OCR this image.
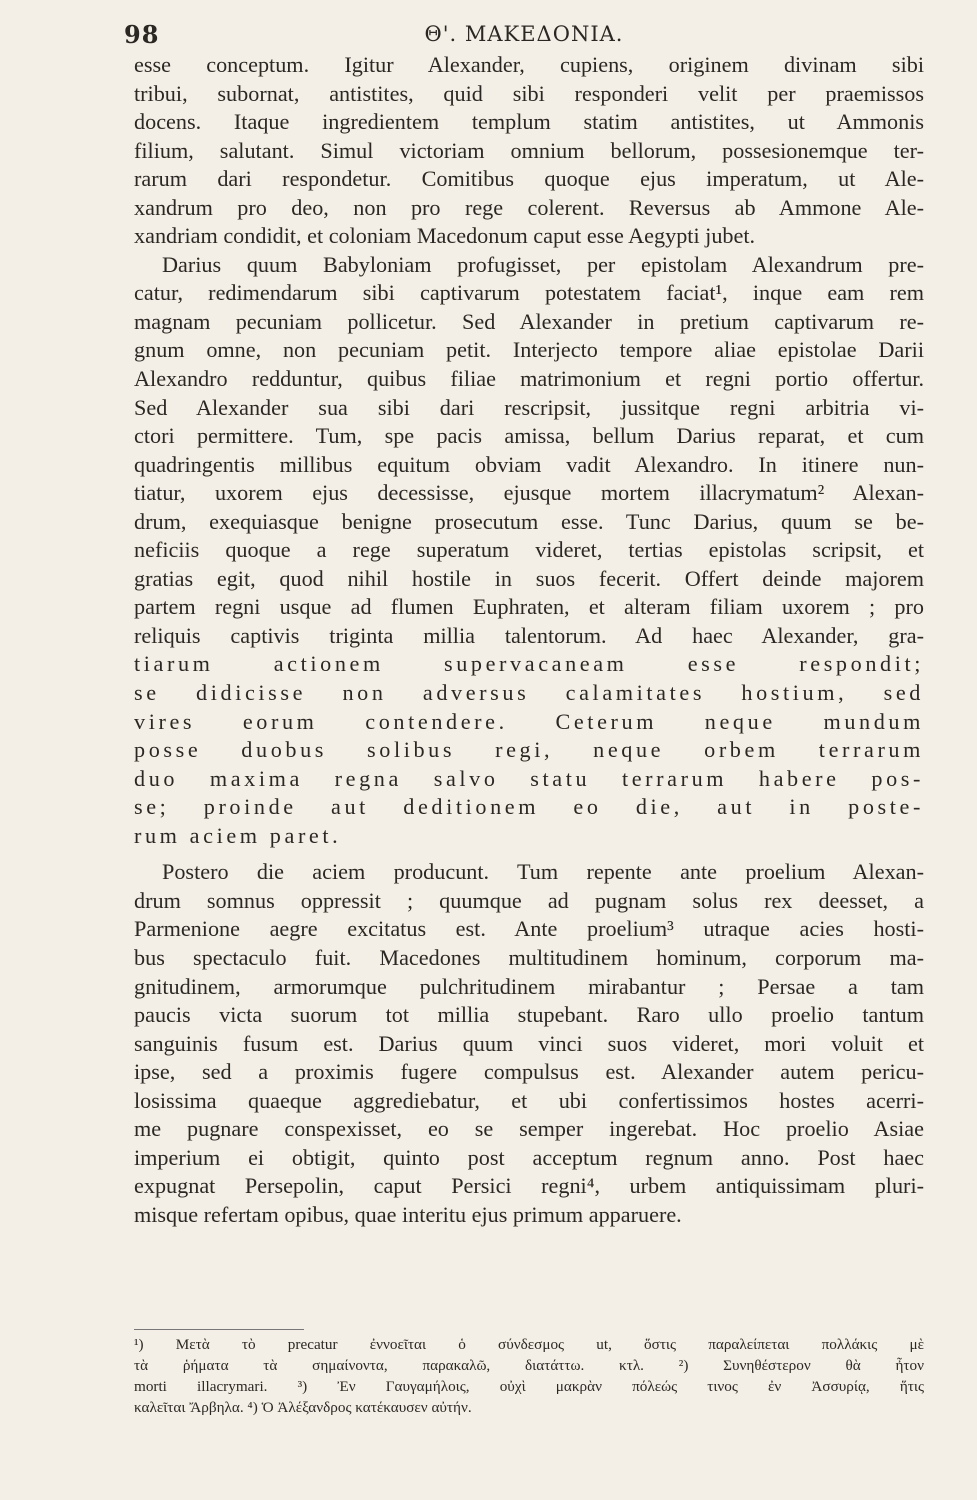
98	Θ'. ΜΑΚΕΔΟΝΙΑ.
esse conceptum. Igitur Alexander, cupiens, originem divinam sibi
tribui, subornat, antistites, quid sibi responderi velit per praemissos
docens. Itaque ingredientem templum statim antistites, ut Ammonis
filium, salutant. Simul victoriam omnium bellorum, possesionemque ter-
rarum dari respondetur. Comitibus quoque ejus imperatum, ut Ale-
xandrum pro deo, non pro rege colerent. Reversus ab Ammone Ale-
xandriam condidit, et coloniam Macedonum caput esse Aegypti jubet.
Darius quum Babyloniam profugisset, per epistolam Alexandrum pre-
catur, redimendarum sibi captivarum potestatem faciat¹, inque eam rem
magnam pecuniam pollicetur. Sed Alexander in pretium captivarum re-
gnum omne, non pecuniam petit. Interjecto tempore aliae epistolae Darii
Alexandro redduntur, quibus filiae matrimonium et regni portio offertur.
Sed Alexander sua sibi dari rescripsit, jussitque regni arbitria vi-
ctori permittere. Tum, spe pacis amissa, bellum Darius reparat, et cum
quadringentis millibus equitum obviam vadit Alexandro. In itinere nun-
tiatur, uxorem ejus decessisse, ejusque mortem illacrymatum² Alexan-
drum, exequiasque benigne prosecutum esse. Tunc Darius, quum se be-
neficiis quoque a rege superatum videret, tertias epistolas scripsit, et
gratias egit, quod nihil hostile in suos fecerit. Offert deinde majorem
partem regni usque ad flumen Euphraten, et alteram filiam uxorem ; pro
reliquis captivis triginta millia talentorum. Ad haec Alexander, gra-
tiarum actionem supervacaneam esse respondit;
se didicisse non adversus calamitates hostium, sed
vires eorum contendere. Ceterum neque mundum
posse duobus solibus regi, neque orbem terrarum
duo maxima regna salvo statu terrarum habere pos-
se; proinde aut deditionem eo die, aut in poste-
rum aciem paret.
Postero die aciem producunt. Tum repente ante proelium Alexan-
drum somnus oppressit ; quumque ad pugnam solus rex deesset, a
Parmenione aegre excitatus est. Ante proelium³ utraque acies hosti-
bus spectaculo fuit. Macedones multitudinem hominum, corporum ma-
gnitudinem, armorumque pulchritudinem mirabantur ; Persae a tam
paucis victa suorum tot millia stupebant. Raro ullo proelio tantum
sanguinis fusum est. Darius quum vinci suos videret, mori voluit et
ipse, sed a proximis fugere compulsus est. Alexander autem pericu-
losissima quaeque aggrediebatur, et ubi confertissimos hostes acerri-
me pugnare conspexisset, eo se semper ingerebat. Hoc proelio Asiae
imperium ei obtigit, quinto post acceptum regnum anno. Post haec
expugnat Persepolin, caput Persici regni⁴, urbem antiquissimam pluri-
misque refertam opibus, quae interitu ejus primum apparuere.
¹) Μετὰ τὸ precatur ἐννοεῖται ὁ σύνδεσμος ut, ὅστις παραλείπεται πολλάκις μὲ
τὰ ῥήματα τὰ σημαίνοντα, παρακαλῶ, διατάττω. κτλ. ²) Συνηθέστερον θὰ ἦτον
morti illacrymari. ³) Ἐν Γαυγαμήλοις, οὐχὶ μακρὰν πόλεώς τινος ἐν Ἀσσυρίᾳ, ἥτις
καλεῖται Ἄρβηλα. ⁴) Ὁ Ἀλέξανδρος κατέκαυσεν αὐτήν.
